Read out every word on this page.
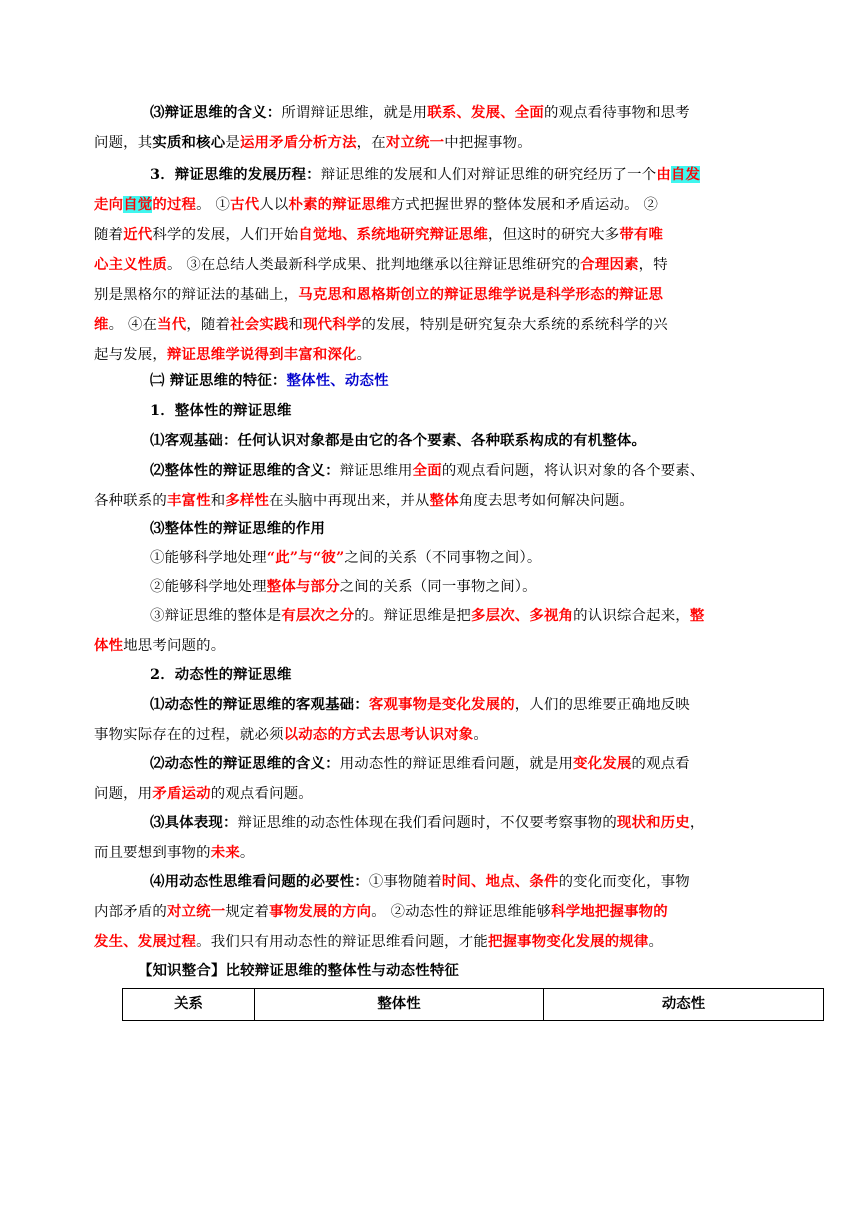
⑶辩证思维的含义：所谓辩证思维，就是用联系、发展、全面的观点看待事物和思考
问题，其实质和核心是运用矛盾分析方法，在对立统一中把握事物。
3．辩证思维的发展历程：辩证思维的发展和人们对辩证思维的研究经历了一个由自发
走向自觉的过程。 ①古代人以朴素的辩证思维方式把握世界的整体发展和矛盾运动。 ②
随着近代科学的发展，人们开始自觉地、系统地研究辩证思维，但这时的研究大多带有唯
心主义性质。 ③在总结人类最新科学成果、批判地继承以往辩证思维研究的合理因素，特
别是黑格尔的辩证法的基础上，马克思和恩格斯创立的辩证思维学说是科学形态的辩证思
维。 ④在当代，随着社会实践和现代科学的发展，特别是研究复杂大系统的系统科学的兴
起与发展，辩证思维学说得到丰富和深化。
㈡ 辩证思维的特征：整体性、动态性
1．整体性的辩证思维
⑴客观基础：任何认识对象都是由它的各个要素、各种联系构成的有机整体。
⑵整体性的辩证思维的含义：辩证思维用全面的观点看问题，将认识对象的各个要素、
各种联系的丰富性和多样性在头脑中再现出来，并从整体角度去思考如何解决问题。
⑶整体性的辩证思维的作用
①能够科学地处理“此”与“彼”之间的关系（不同事物之间）。
②能够科学地处理整体与部分之间的关系（同一事物之间）。
③辩证思维的整体是有层次之分的。辩证思维是把多层次、多视角的认识综合起来，整
体性地思考问题的。
2．动态性的辩证思维
⑴动态性的辩证思维的客观基础：客观事物是变化发展的，人们的思维要正确地反映
事物实际存在的过程，就必须以动态的方式去思考认识对象。
⑵动态性的辩证思维的含义：用动态性的辩证思维看问题，就是用变化发展的观点看
问题，用矛盾运动的观点看问题。
⑶具体表现：辩证思维的动态性体现在我们看问题时，不仅要考察事物的现状和历史，
而且要想到事物的未来。
⑷用动态性思维看问题的必要性：①事物随着时间、地点、条件的变化而变化，事物
内部矛盾的对立统一规定着事物发展的方向。 ②动态性的辩证思维能够科学地把握事物的
发生、发展过程。我们只有用动态性的辩证思维看问题，才能把握事物变化发展的规律。
【知识整合】比较辩证思维的整体性与动态性特征
关系	整体性	动态性
